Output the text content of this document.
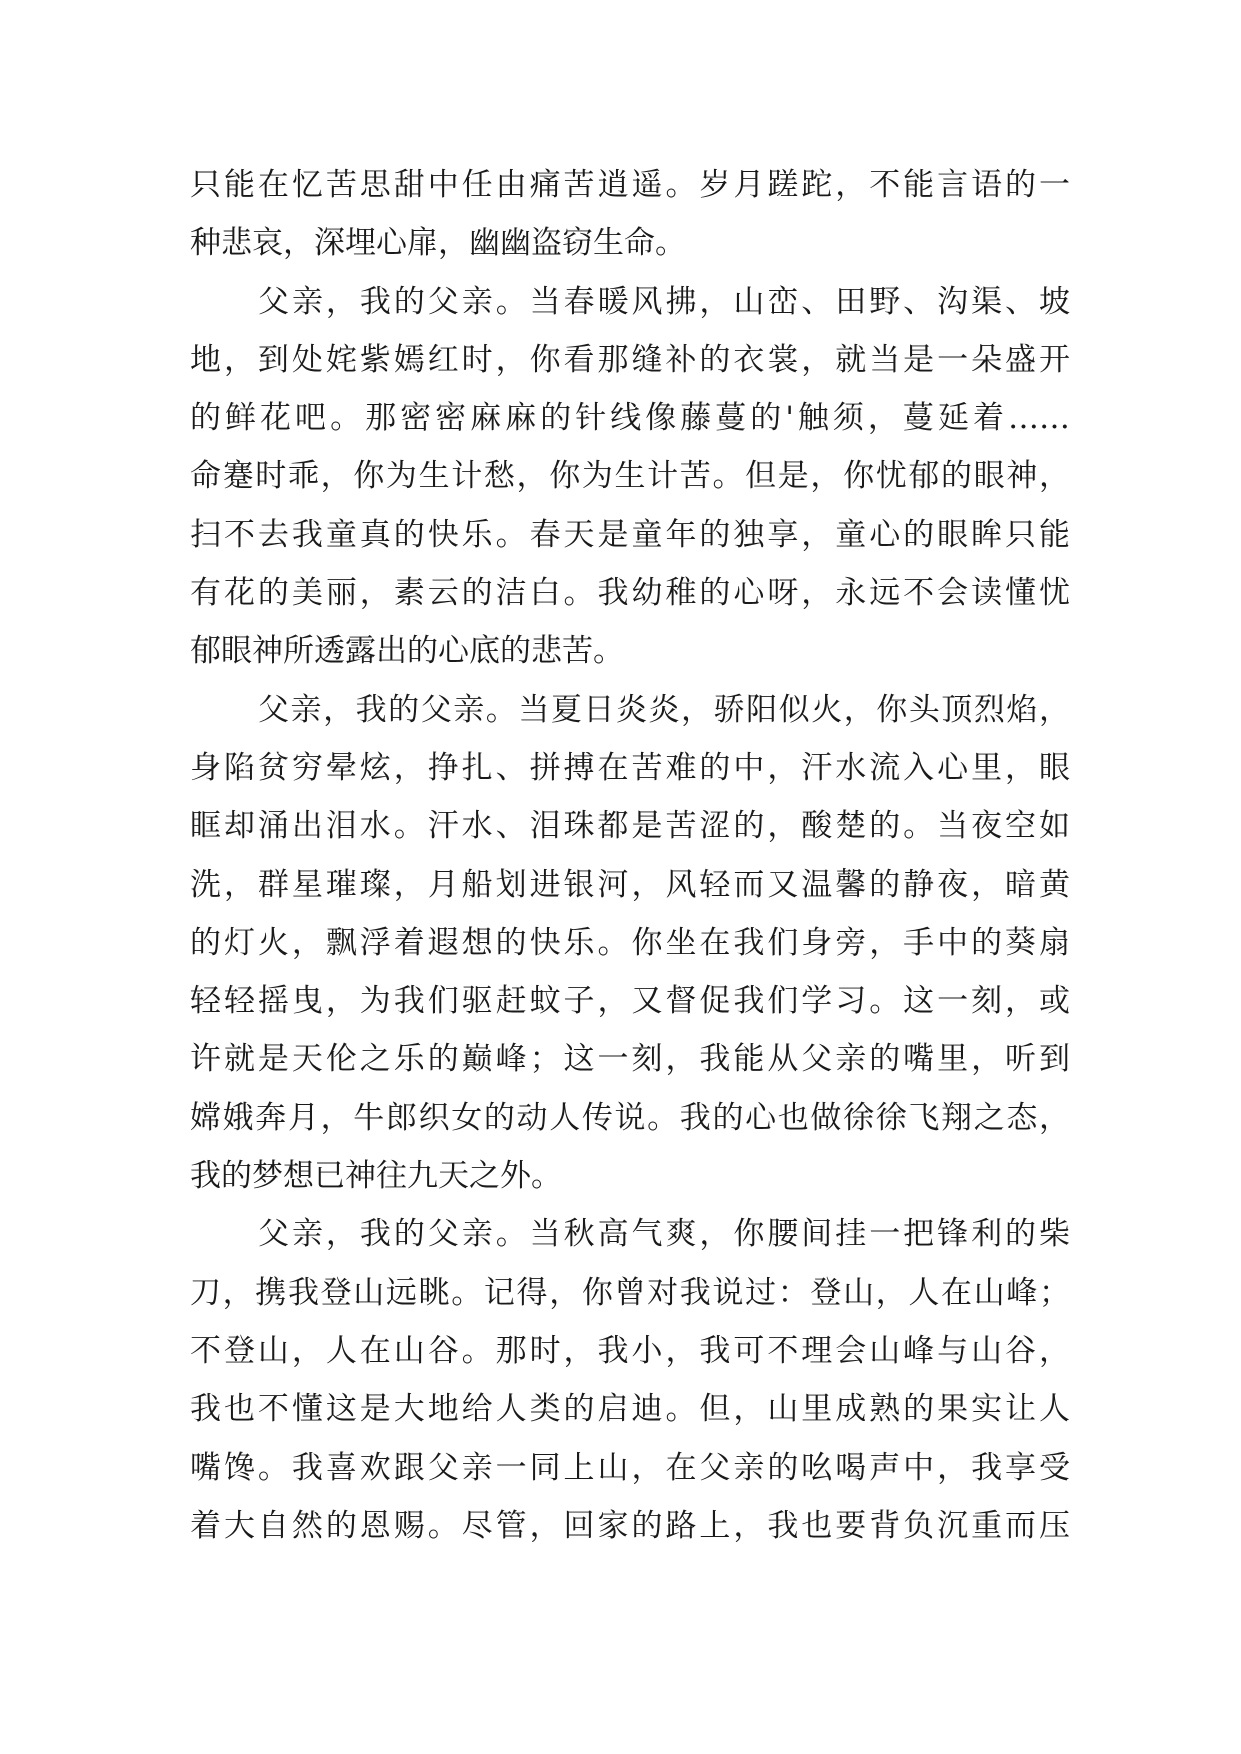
只能在忆苦思甜中任由痛苦逍遥。岁月蹉跎，不能言语的一
种悲哀，深埋心扉，幽幽盗窃生命。
父亲，我的父亲。当春暖风拂，山峦、田野、沟渠、坡
地，到处姹紫嫣红时，你看那缝补的衣裳，就当是一朵盛开
的鲜花吧。那密密麻麻的针线像藤蔓的'触须，蔓延着……
命蹇时乖，你为生计愁，你为生计苦。但是，你忧郁的眼神，
扫不去我童真的快乐。春天是童年的独享，童心的眼眸只能
有花的美丽，素云的洁白。我幼稚的心呀，永远不会读懂忧
郁眼神所透露出的心底的悲苦。
父亲，我的父亲。当夏日炎炎，骄阳似火，你头顶烈焰，
身陷贫穷晕炫，挣扎、拼搏在苦难的中，汗水流入心里，眼
眶却涌出泪水。汗水、泪珠都是苦涩的，酸楚的。当夜空如
洗，群星璀璨，月船划进银河，风轻而又温馨的静夜，暗黄
的灯火，飘浮着遐想的快乐。你坐在我们身旁，手中的葵扇
轻轻摇曳，为我们驱赶蚊子，又督促我们学习。这一刻，或
许就是天伦之乐的巅峰；这一刻，我能从父亲的嘴里，听到
嫦娥奔月，牛郎织女的动人传说。我的心也做徐徐飞翔之态，
我的梦想已神往九天之外。
父亲，我的父亲。当秋高气爽，你腰间挂一把锋利的柴
刀，携我登山远眺。记得，你曾对我说过：登山，人在山峰；
不登山，人在山谷。那时，我小，我可不理会山峰与山谷，
我也不懂这是大地给人类的启迪。但，山里成熟的果实让人
嘴馋。我喜欢跟父亲一同上山，在父亲的吆喝声中，我享受
着大自然的恩赐。尽管，回家的路上，我也要背负沉重而压
